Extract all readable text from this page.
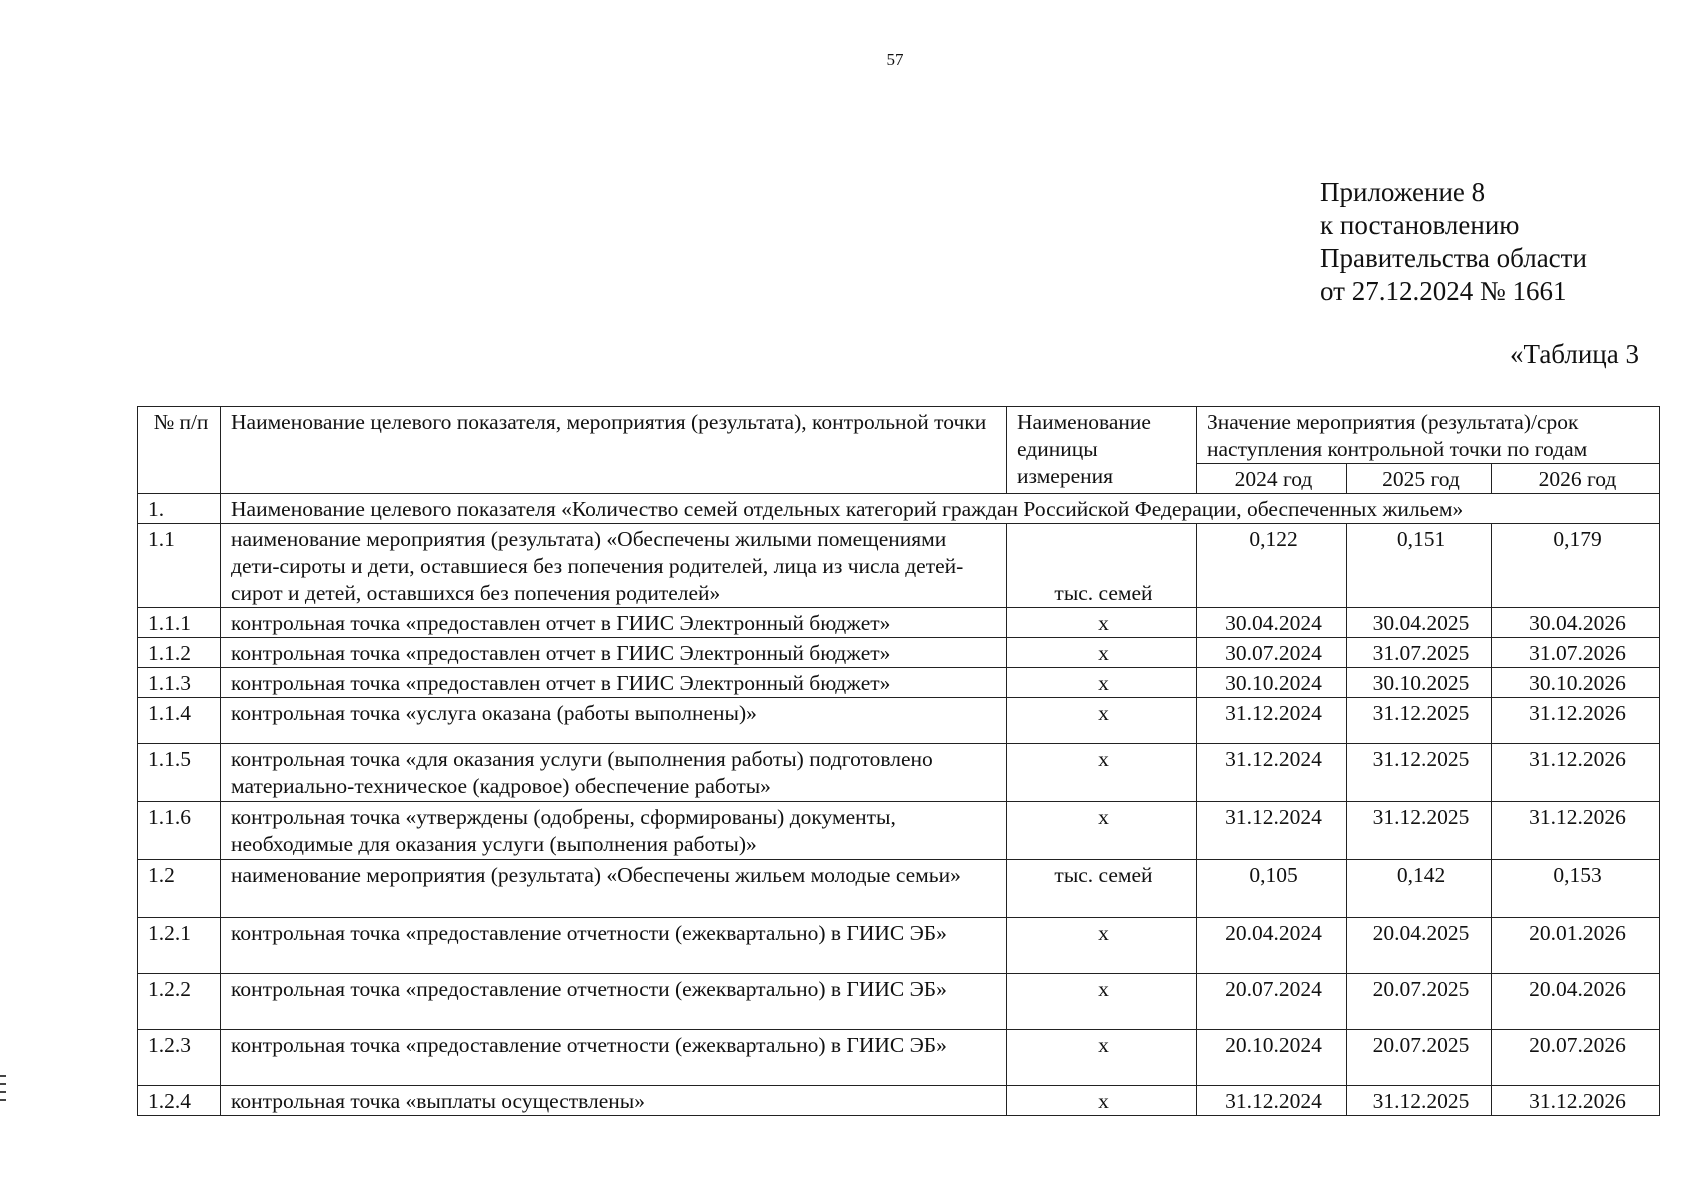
57
Приложение 8
к постановлению
Правительства области
от 27.12.2024 № 1661
«Таблица 3
№ п/п	Наименование целевого показателя, мероприятия (результата), контрольной точки	Наименование единицы измерения	Значение мероприятия (результата)/срок наступления контрольной точки по годам		
			2024 год	2025 год	2026 год
1.	Наименование целевого показателя «Количество семей отдельных категорий граждан Российской Федерации, обеспеченных жильем»				
1.1	наименование мероприятия (результата) «Обеспечены жилыми помещениями дети-сироты и дети, оставшиеся без попечения родителей, лица из числа детей-сирот и детей, оставшихся без попечения родителей»	тыс. семей	0,122	0,151	0,179
1.1.1	контрольная точка «предоставлен отчет в ГИИС Электронный бюджет»	x	30.04.2024	30.04.2025	30.04.2026
1.1.2	контрольная точка «предоставлен отчет в ГИИС Электронный бюджет»	x	30.07.2024	31.07.2025	31.07.2026
1.1.3	контрольная точка «предоставлен отчет в ГИИС Электронный бюджет»	x	30.10.2024	30.10.2025	30.10.2026
1.1.4	контрольная точка «услуга оказана (работы выполнены)»	x	31.12.2024	31.12.2025	31.12.2026
1.1.5	контрольная точка «для оказания услуги (выполнения работы) подготовлено материально-техническое (кадровое) обеспечение работы»	x	31.12.2024	31.12.2025	31.12.2026
1.1.6	контрольная точка «утверждены (одобрены, сформированы) документы, необходимые для оказания услуги (выполнения работы)»	x	31.12.2024	31.12.2025	31.12.2026
1.2	наименование мероприятия (результата) «Обеспечены жильем молодые семьи»	тыс. семей	0,105	0,142	0,153
1.2.1	контрольная точка «предоставление отчетности (ежеквартально) в ГИИС ЭБ»	x	20.04.2024	20.04.2025	20.01.2026
1.2.2	контрольная точка «предоставление отчетности (ежеквартально) в ГИИС ЭБ»	x	20.07.2024	20.07.2025	20.04.2026
1.2.3	контрольная точка «предоставление отчетности (ежеквартально) в ГИИС ЭБ»	x	20.10.2024	20.07.2025	20.07.2026
1.2.4	контрольная точка «выплаты осуществлены»	x	31.12.2024	31.12.2025	31.12.2026
